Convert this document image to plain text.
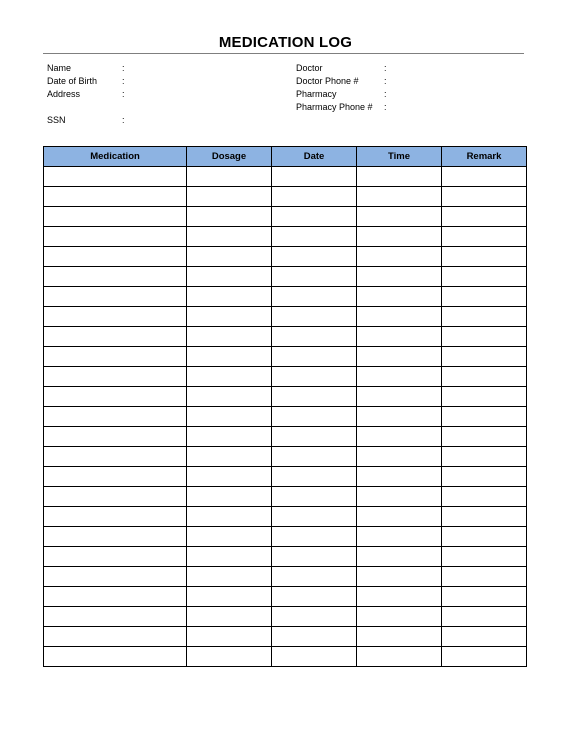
MEDICATION LOG
Name	:
Date of Birth	:
Address	:
SSN	:
Doctor	:
Doctor Phone #	:
Pharmacy	:
Pharmacy Phone # :
Medication	Dosage	Date	Time	Remark
